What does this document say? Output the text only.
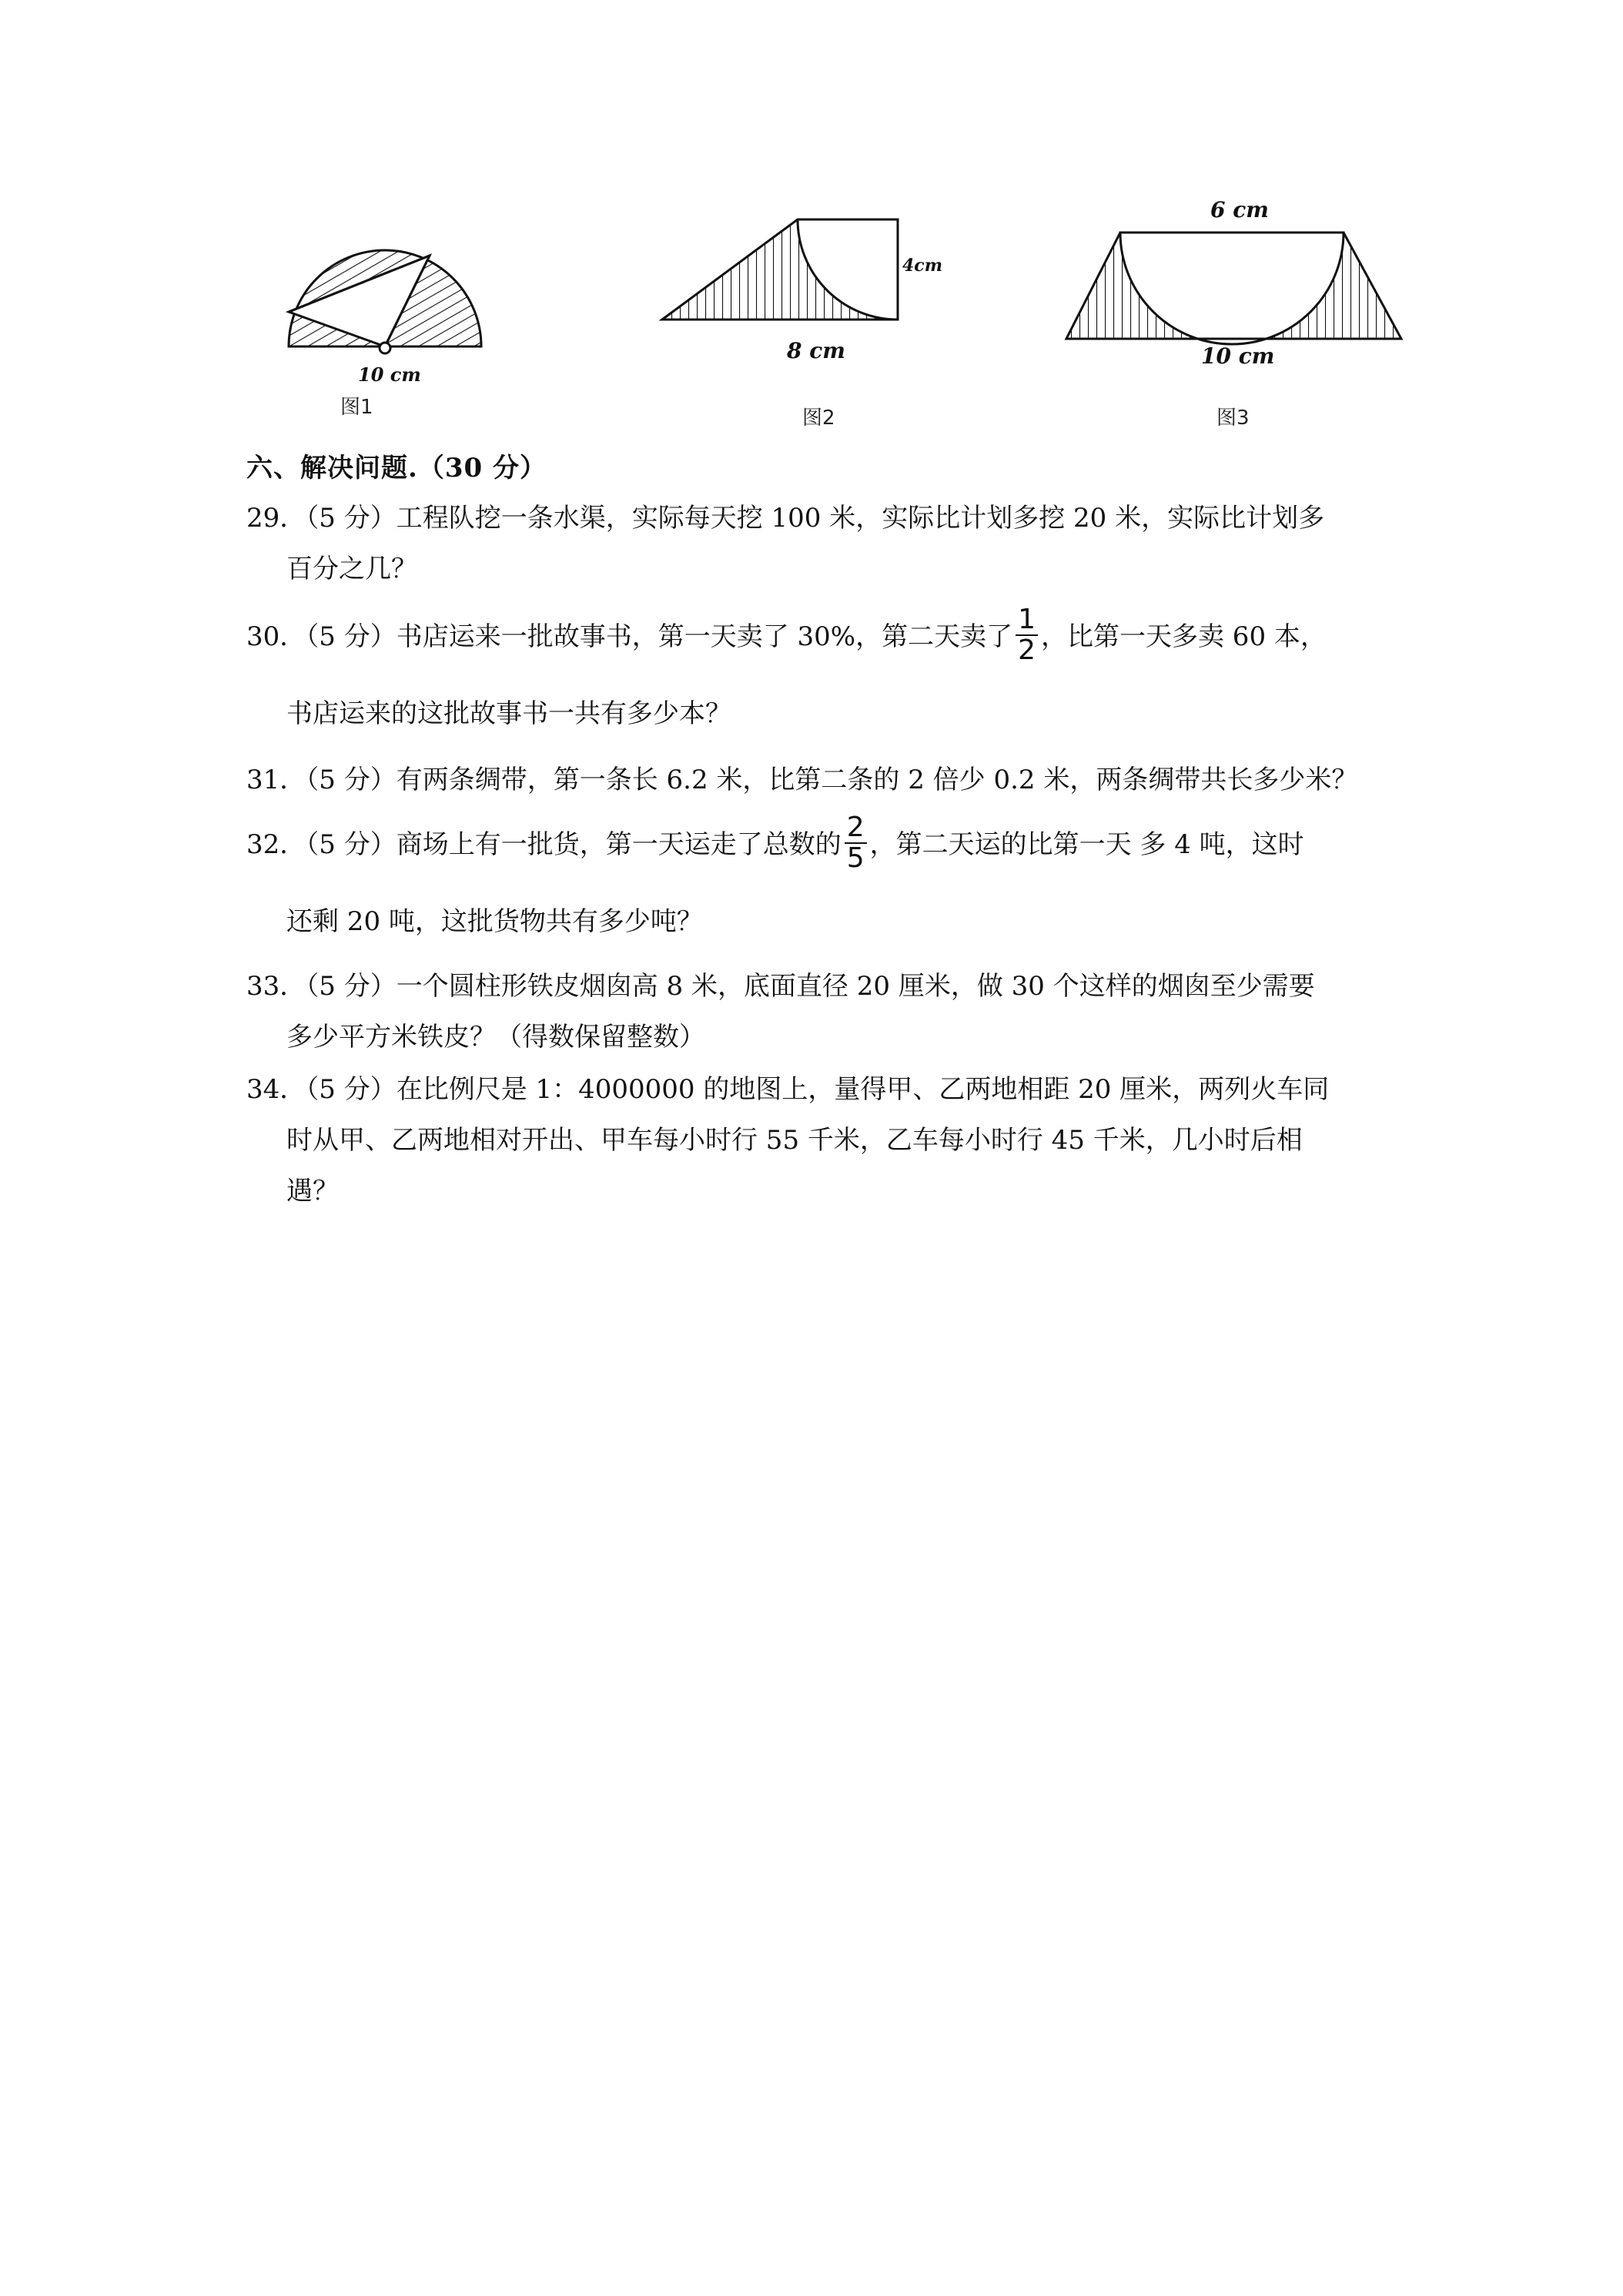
10 cm
图1
8 cm
4cm
图2
6 cm
10 cm
图3
六、解决问题.（30 分）
29．（5 分）工程队挖一条水渠，实际每天挖 100 米，实际比计划多挖 20 米，实际比计划多
百分之几？
30．（5 分）书店运来一批故事书，第一天卖了 30%，第二天卖了 $\frac{1}{2}$ ，比第一天多卖 60 本，
书店运来的这批故事书一共有多少本？
31．（5 分）有两条绸带，第一条长 6.2 米，比第二条的 2 倍少 0.2 米，两条绸带共长多少米？
32．（5 分）商场上有一批货，第一天运走了总数的 $\frac{2}{5}$ ，第二天运的比第一天 多 4 吨，这时
还剩 20 吨，这批货物共有多少吨？
33．（5 分）一个圆柱形铁皮烟囱高 8 米，底面直径 20 厘米，做 30 个这样的烟囱至少需要
多少平方米铁皮？（得数保留整数）
34．（5 分）在比例尺是 1：4000000 的地图上，量得甲、乙两地相距 20 厘米，两列火车同
时从甲、乙两地相对开出、甲车每小时行 55 千米，乙车每小时行 45 千米，几小时后相
遇？
